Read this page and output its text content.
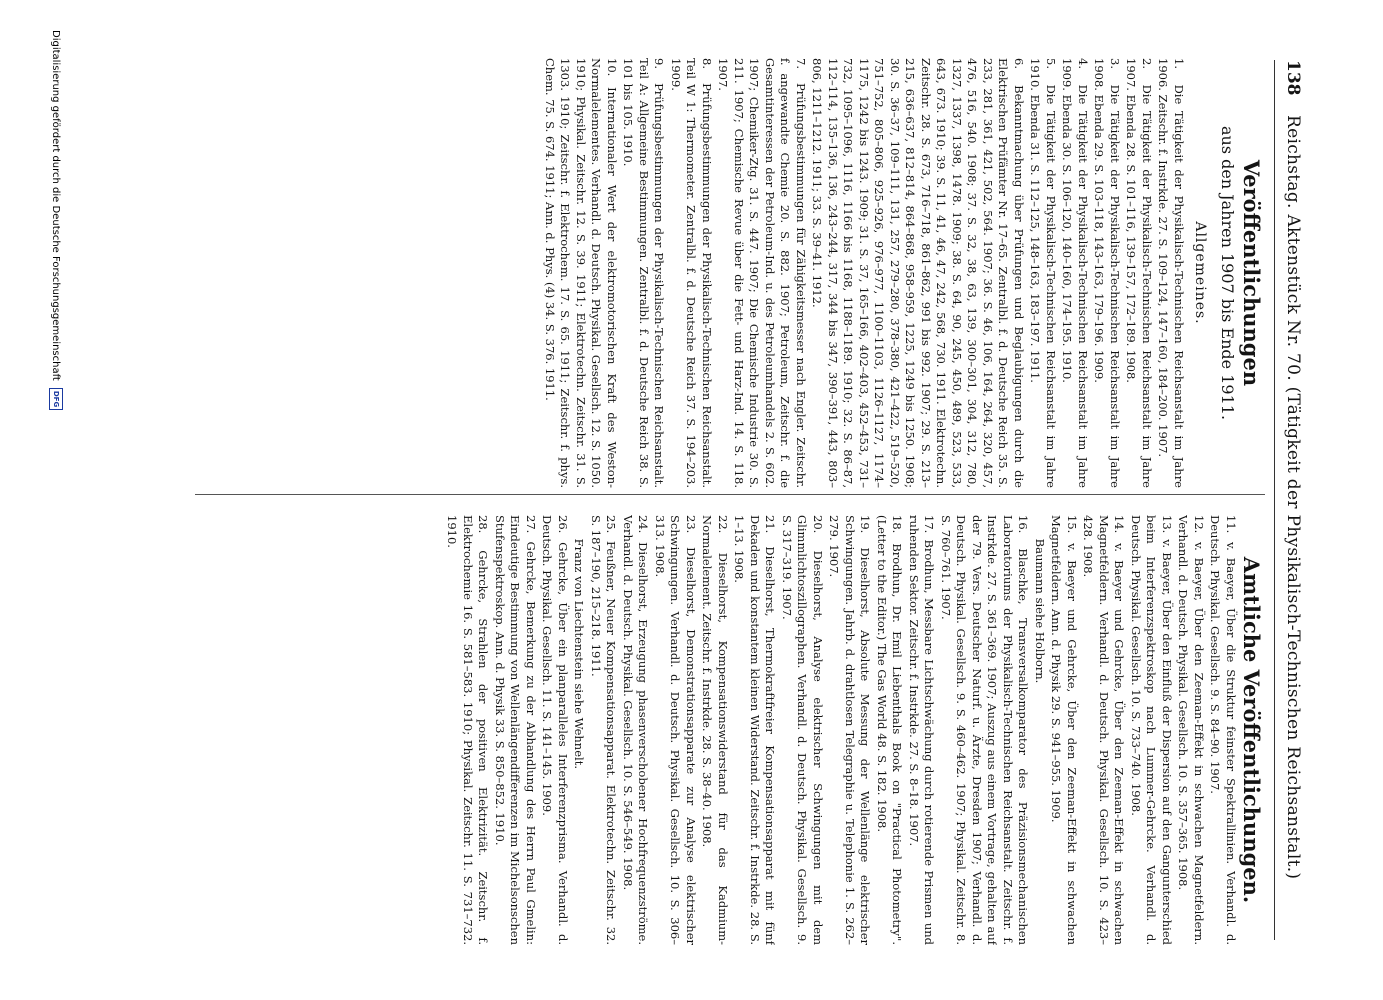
138
Reichstag. Aktenstück Nr. 70. (Tätigkeit der Physikalisch-Technischen Reichsanstalt.)
Veröffentlichungen
aus den Jahren 1907 bis Ende 1911.
Allgemeines.

1. Die Tätigkeit der Physikalisch-Technischen Reichsanstalt im Jahre 1906. Zeitschr. f. Instrkde. 27. S. 109–124, 147–160, 184–200. 1907.

2. Die Tätigkeit der Physikalisch-Technischen Reichsanstalt im Jahre 1907. Ebenda 28. S. 101–116, 139–157, 172–189. 1908.

3. Die Tätigkeit der Physikalisch-Technischen Reichsanstalt im Jahre 1908. Ebenda 29. S. 103–118, 143–163, 179–196. 1909.

4. Die Tätigkeit der Physikalisch-Technischen Reichsanstalt im Jahre 1909. Ebenda 30. S. 106–120, 140–160, 174–195. 1910.

5. Die Tätigkeit der Physikalisch-Technischen Reichsanstalt im Jahre 1910. Ebenda 31. S. 112–125, 148–163, 183–197. 1911.

6. Bekanntmachung über Prüfungen und Beglaubigungen durch die Elektrischen Prüfämter Nr. 17–65. Zentralbl. f. d. Deutsche Reich 35. S. 233, 281, 361, 421, 502, 564. 1907; 36. S. 46, 106, 164, 264, 320, 457, 476, 516, 540. 1908; 37. S. 32, 38, 63, 139, 300–301, 304, 312, 780, 1327, 1337, 1398, 1478. 1909; 38. S. 64, 90, 245, 450, 489, 523, 533, 643, 673. 1910; 39. S. 11, 41, 46, 47, 242, 568, 730. 1911. Elektrotechn. Zeitschr. 28. S. 673, 716–718, 861–862, 991 bis 992. 1907; 29. S. 213–215, 636–637, 812–814, 864–868, 958–959, 1225, 1249 bis 1250. 1908; 30. S. 36–37, 109–111, 131, 257, 279–280, 378–380, 421–422, 519–520, 751–752, 805–806, 925–926, 976–977, 1100–1103, 1126–1127, 1174–1175, 1242 bis 1243. 1909; 31. S. 37, 165–166, 402–403, 452–453, 731–732, 1095–1096, 1116, 1166 bis 1168, 1188–1189. 1910; 32. S. 86–87, 112–114, 135–136, 136, 243–244, 317, 344 bis 347, 390–391, 443, 803–806, 1211–1212. 1911; 33. S. 39–41. 1912.

7. Prüfungsbestimmungen für Zähigkeitsmesser nach Engler. Zeitschr. f. angewandte Chemie 20. S. 882. 1907; Petroleum, Zeitschr. f. die Gesamtinteressen der Petroleum-Ind. u. des Petroleumhandels 2. S. 602. 1907; Chemiker-Ztg. 31. S. 447. 1907; Die Chemische Industrie 30. S. 211. 1907; Chemische Revue über die Fett- und Harz-Ind. 14. S. 118. 1907.

8. Prüfungsbestimmungen der Physikalisch-Technischen Reichsanstalt. Teil W 1: Thermometer. Zentralbl. f. d. Deutsche Reich 37. S. 194–203. 1909.

9. Prüfungsbestimmungen der Physikalisch-Technischen Reichsanstalt. Teil A: Allgemeine Bestimmungen. Zentralbl. f. d. Deutsche Reich 38. S. 101 bis 105. 1910.

10. Internationaler Wert der elektromotorischen Kraft des Weston-Normalelementes. Verhandl. d. Deutsch. Physikal. Gesellsch. 12. S. 1050. 1910; Physikal. Zeitschr. 12. S. 39. 1911; Elektrotechn. Zeitschr. 31. S. 1303. 1910; Zeitschr. f. Elektrochem. 17. S. 65. 1911; Zeitschr. f. phys. Chem. 75. S. 674. 1911; Ann. d. Phys. (4) 34. S. 376. 1911.

Amtliche Veröffentlichungen.

11. v. Baeyer, Über die Struktur feinster Spektrallinien. Verhandl. d. Deutsch. Physikal. Gesellsch. 9. S. 84–90. 1907.

12. v. Baeyer, Über den Zeeman-Effekt in schwachen Magnetfeldern. Verhandl. d. Deutsch. Physikal. Gesellsch. 10. S. 357–365. 1908.

13. v. Baeyer, Über den Einfluß der Dispersion auf den Gangunterschied beim Interferenzspektroskop nach Lummer-Gehrcke. Verhandl. d. Deutsch. Physikal. Gesellsch. 10. S. 733–740. 1908.

14. v. Baeyer und Gehrcke, Über den Zeeman-Effekt in schwachen Magnetfeldern. Verhandl. d. Deutsch. Physikal. Gesellsch. 10. S. 423–428. 1908.

15. v. Baeyer und Gehrcke, Über den Zeeman-Effekt in schwachen Magnetfeldern. Ann. d. Physik 29. S. 941–955. 1909.

Baumann siehe Holborn.

16. Blaschke, Transversalkomparator des Präzisionsmechanischen Laboratoriums der Physikalisch-Technischen Reichsanstalt. Zeitschr. f. Instrkde. 27. S. 361–369. 1907; Auszug aus einem Vortrage, gehalten auf der 79. Vers. Deutscher Naturf. u. Ärzte, Dresden 1907; Verhandl. d. Deutsch. Physikal. Gesellsch. 9. S. 460–462. 1907; Physikal. Zeitschr. 8. S. 760–761. 1907.

17. Brodhun, Messbare Lichtschwächung durch rotierende Prismen und ruhenden Sektor. Zeitschr. f. Instrkde. 27. S. 8–18. 1907.

18. Brodhun, Dr. Emil Liebenthals Book on "Practical Photometry". (Letter to the Editor.) The Gas World 48. S. 182. 1908.

19. Dieselhorst, Absolute Messung der Wellenlänge elektrischer Schwingungen. Jahrb. d. drahtlosen Telegraphie u. Telephonie 1. S. 262–279. 1907.

20. Dieselhorst, Analyse elektrischer Schwingungen mit dem Glimmlichtoszillographen. Verhandl. d. Deutsch. Physikal. Gesellsch. 9. S. 317–319. 1907.

21. Dieselhorst, Thermokraftfreier Kompensationsapparat mit fünf Dekaden und konstantem kleinen Widerstand. Zeitschr. f. Instrkde. 28. S. 1–13. 1908.

22. Dieselhorst, Kompensationswiderstand für das Kadmium-Normalelement. Zeitschr. f. Instrkde. 28. S. 38–40. 1908.

23. Dieselhorst, Demonstrationsapparate zur Analyse elektrischer Schwingungen. Verhandl. d. Deutsch. Physikal. Gesellsch. 10. S. 306–313. 1908.

24. Dieselhorst, Erzeugung phasenverschobener Hochfrequenzströme. Verhandl. d. Deutsch. Physikal. Gesellsch. 10. S. 546–549. 1908.

25. Feußner, Neuer Kompensationsapparat. Elektrotechn. Zeitschr. 32. S. 187–190, 215–218. 1911.

Franz von Liechtenstein siehe Wehnelt.

26. Gehrcke, Über ein planparalleles Interferenzprisma. Verhandl. d. Deutsch. Physikal. Gesellsch. 11. S. 141–145. 1909.

27. Gehrcke, Bemerkung zu der Abhandlung des Herrn Paul Gmelin: Eindeutige Bestimmung von Wellenlängendifferenzen im Michelsonschen Stufenspektroskop. Ann. d. Physik 33. S. 850–852. 1910.

28. Gehrcke, Strahlen der positiven Elektrizität. Zeitschr. f. Elektrochemie 16. S. 581–583. 1910; Physikal. Zeitschr. 11. S. 731–732. 1910.

Digitalisierung gefördert durch die Deutsche Forschungsgemeinschaft DFG
